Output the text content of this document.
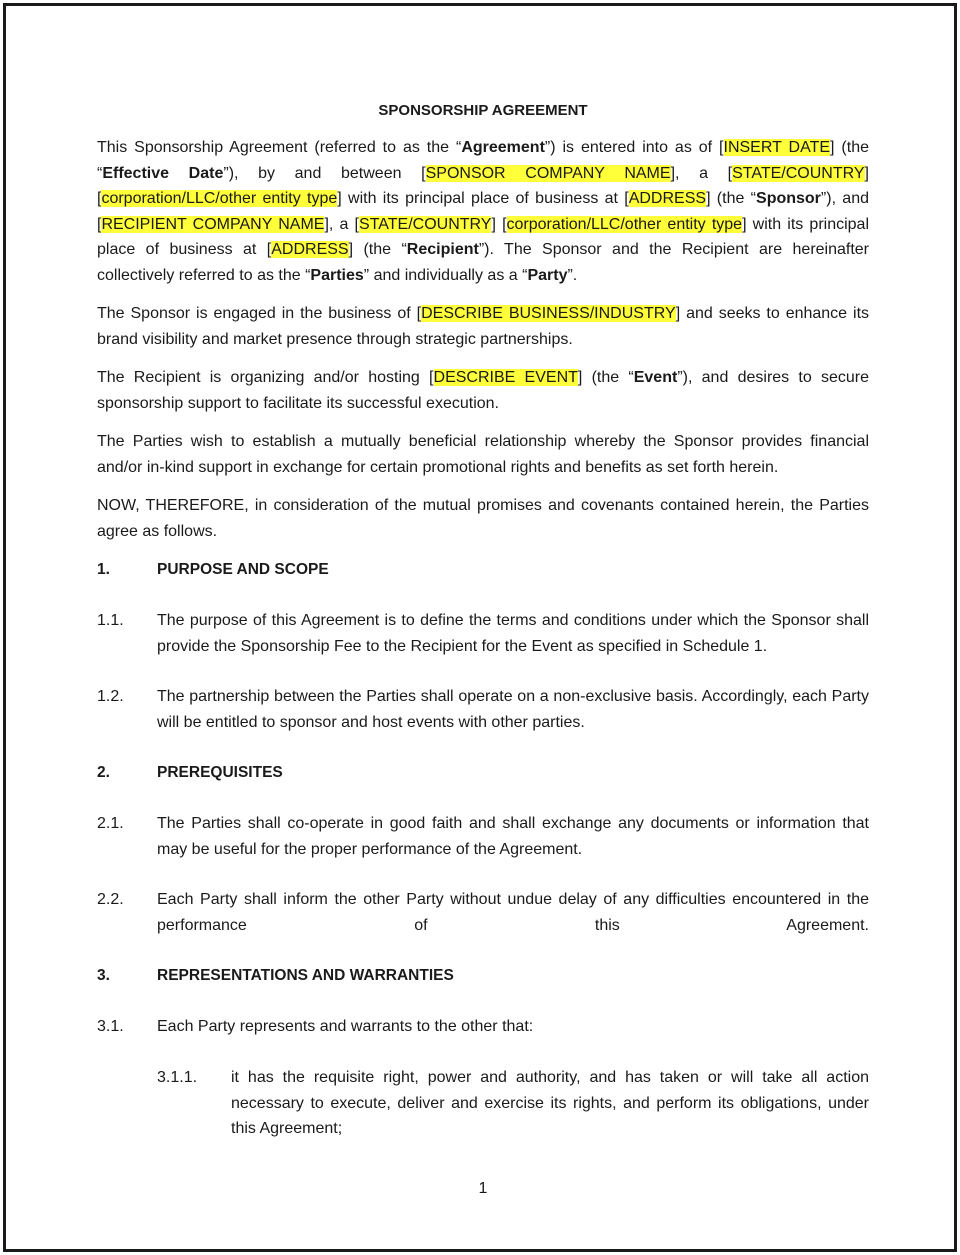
SPONSORSHIP AGREEMENT

This Sponsorship Agreement (referred to as the “Agreement”) is entered into as of [INSERT DATE] (the “Effective Date”), by and between [SPONSOR COMPANY NAME], a [STATE/COUNTRY] [corporation/LLC/other entity type] with its principal place of business at [ADDRESS] (the “Sponsor”), and [RECIPIENT COMPANY NAME], a [STATE/COUNTRY] [corporation/LLC/other entity type] with its principal place of business at [ADDRESS] (the “Recipient”). The Sponsor and the Recipient are hereinafter collectively referred to as the “Parties” and individually as a “Party”.

The Sponsor is engaged in the business of [DESCRIBE BUSINESS/INDUSTRY] and seeks to enhance its brand visibility and market presence through strategic partnerships.

The Recipient is organizing and/or hosting [DESCRIBE EVENT] (the “Event”), and desires to secure sponsorship support to facilitate its successful execution.

The Parties wish to establish a mutually beneficial relationship whereby the Sponsor provides financial and/or in-kind support in exchange for certain promotional rights and benefits as set forth herein.

NOW, THEREFORE, in consideration of the mutual promises and covenants contained herein, the Parties agree as follows.

1.	PURPOSE AND SCOPE
1.1. The purpose of this Agreement is to define the terms and conditions under which the Sponsor shall provide the Sponsorship Fee to the Recipient for the Event as specified in Schedule 1.
1.2. The partnership between the Parties shall operate on a non-exclusive basis. Accordingly, each Party will be entitled to sponsor and host events with other parties.
2.	PREREQUISITES
2.1. The Parties shall co-operate in good faith and shall exchange any documents or information that may be useful for the proper performance of the Agreement.
2.2. Each Party shall inform the other Party without undue delay of any difficulties encountered in the
performance of this Agreement.
3.	REPRESENTATIONS AND WARRANTIES
3.1. Each Party represents and warrants to the other that:
3.1.1. it has the requisite right, power and authority, and has taken or will take all action necessary to execute, deliver and exercise its rights, and perform its obligations, under this Agreement;
1
